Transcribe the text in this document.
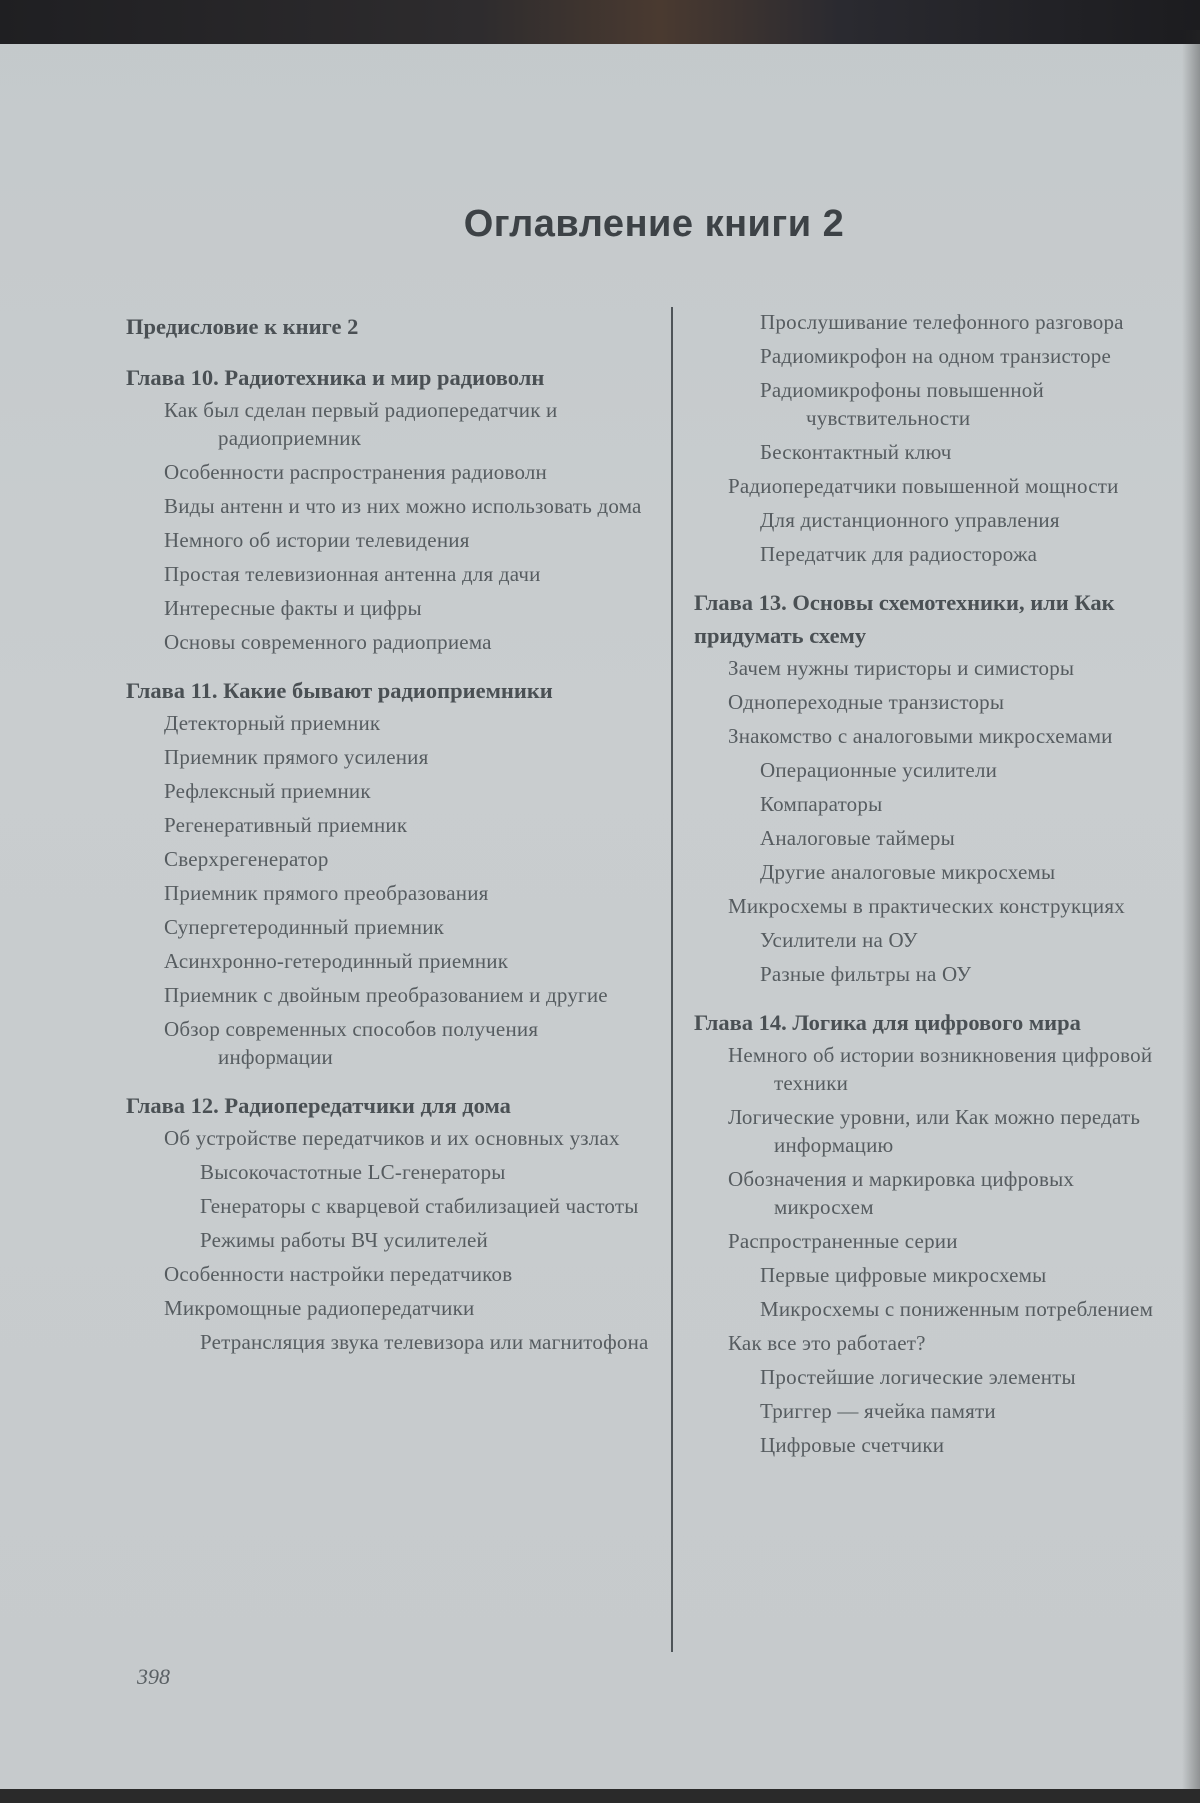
Оглавление книги 2
Предисловие к книге 2
Глава 10. Радиотехника и мир радиоволн
Как был сделан первый радиопередатчик и радиоприемник
Особенности распространения радиоволн
Виды антенн и что из них можно использовать дома
Немного об истории телевидения
Простая телевизионная антенна для дачи
Интересные факты и цифры
Основы современного радиоприема
Глава 11. Какие бывают радиоприемники
Детекторный приемник
Приемник прямого усиления
Рефлексный приемник
Регенеративный приемник
Сверхрегенератор
Приемник прямого преобразования
Супергетеродинный приемник
Асинхронно-гетеродинный приемник
Приемник с двойным преобразованием и другие
Обзор современных способов получения информации
Глава 12. Радиопередатчики для дома
Об устройстве передатчиков и их основных узлах
Высокочастотные LC-генераторы
Генераторы с кварцевой стабилизацией частоты
Режимы работы ВЧ усилителей
Особенности настройки передатчиков
Микромощные радиопередатчики
Ретрансляция звука телевизора или магнитофона
Прослушивание телефонного разговора
Радиомикрофон на одном транзисторе
Радиомикрофоны повышенной чувствительности
Бесконтактный ключ
Радиопередатчики повышенной мощности
Для дистанционного управления
Передатчик для радиосторожа
Глава 13. Основы схемотехники, или Как придумать схему
Зачем нужны тиристоры и симисторы
Однопереходные транзисторы
Знакомство с аналоговыми микросхемами
Операционные усилители
Компараторы
Аналоговые таймеры
Другие аналоговые микросхемы
Микросхемы в практических конструкциях
Усилители на ОУ
Разные фильтры на ОУ
Глава 14. Логика для цифрового мира
Немного об истории возникновения цифровой техники
Логические уровни, или Как можно передать информацию
Обозначения и маркировка цифровых микросхем
Распространенные серии
Первые цифровые микросхемы
Микросхемы с пониженным потреблением
Как все это работает?
Простейшие логические элементы
Триггер — ячейка памяти
Цифровые счетчики
398
